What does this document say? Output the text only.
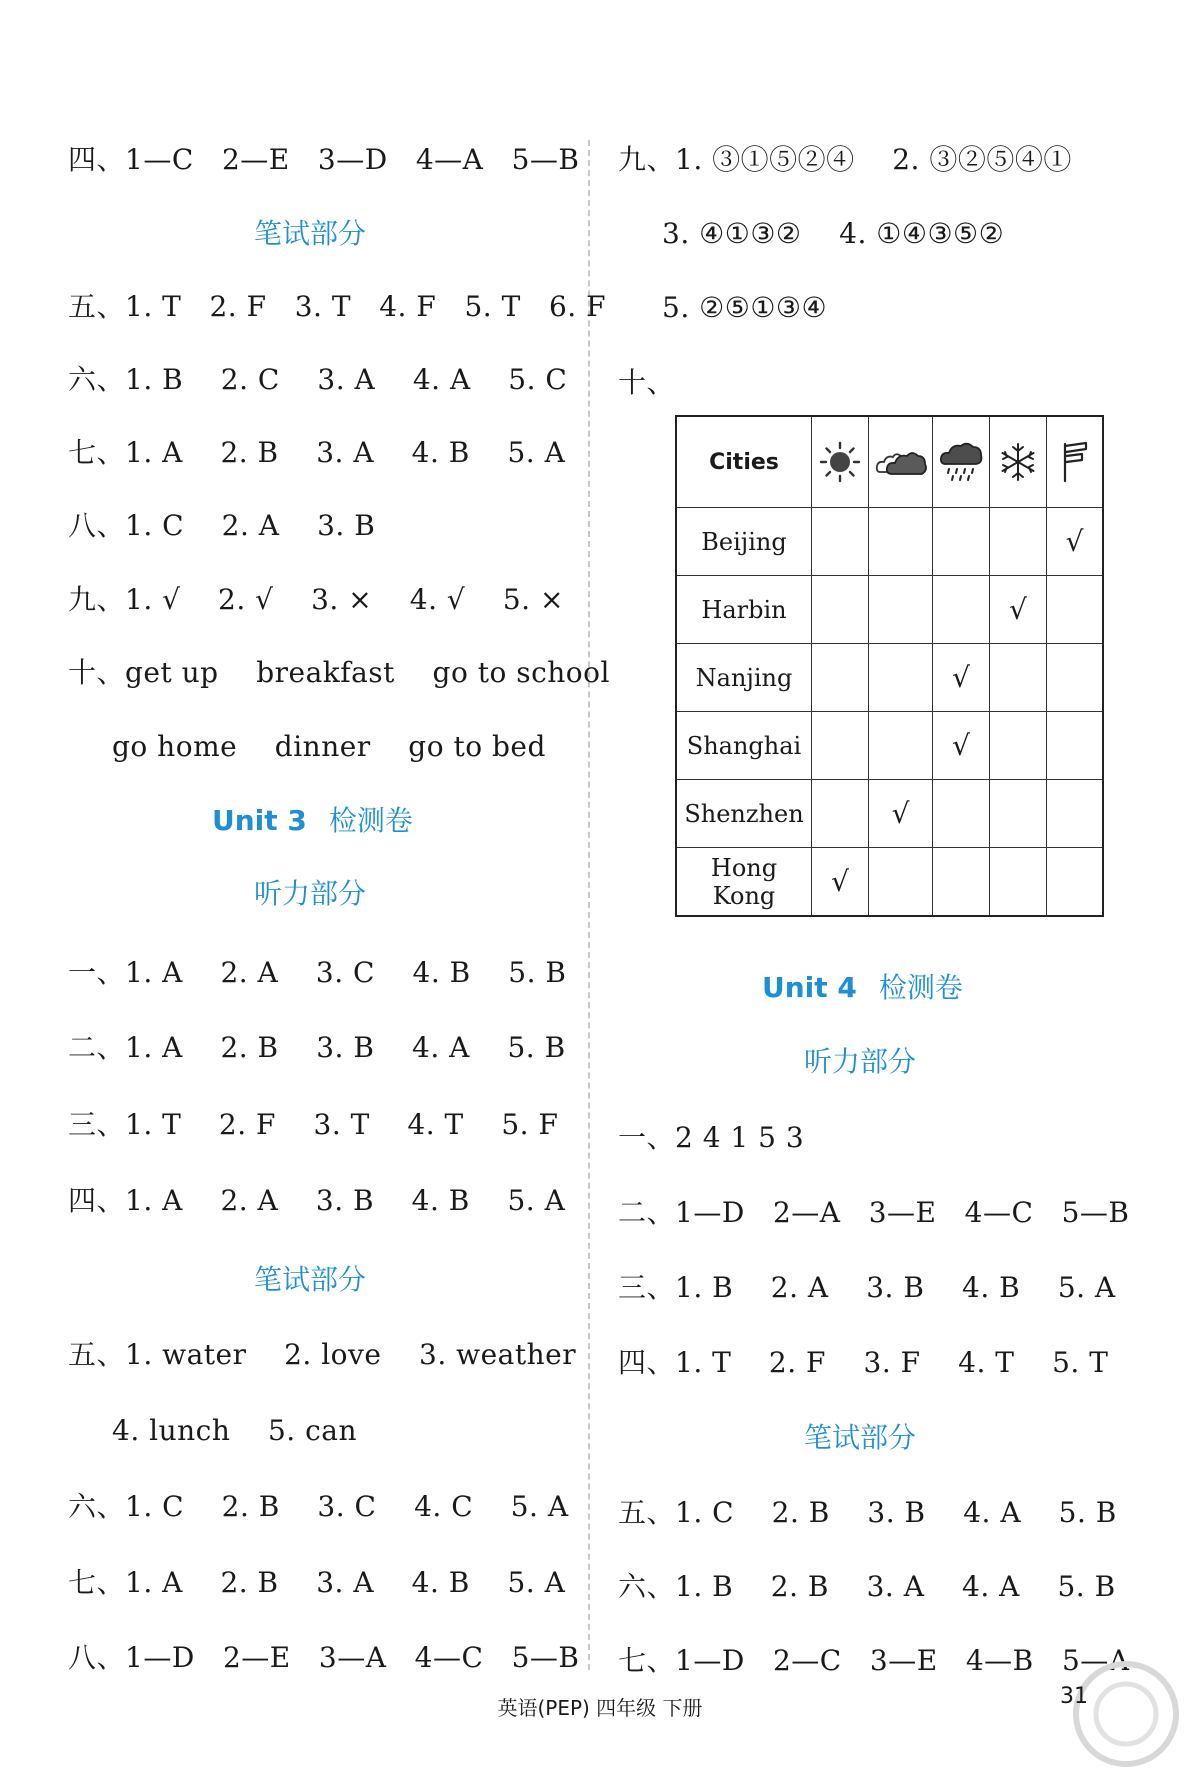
四、1—C   2—E   3—D   4—A   5—B
笔试部分
五、1. T   2. F   3. T   4. F   5. T   6. F
六、1. B    2. C    3. A    4. A    5. C
七、1. A    2. B    3. A    4. B    5. A
八、1. C    2. A    3. B
九、1. √    2. √    3. ×    4. √    5. ×
十、get up    breakfast    go to school
go home    dinner    go to bed
Unit 3 检测卷
听力部分
一、1. A    2. A    3. C    4. B    5. B
二、1. A    2. B    3. B    4. A    5. B
三、1. T    2. F    3. T    4. T    5. F
四、1. A    2. A    3. B    4. B    5. A
笔试部分
五、1. water    2. love    3. weather
4. lunch    5. can
六、1. C    2. B    3. C    4. C    5. A
七、1. A    2. B    3. A    4. B    5. A
八、1—D   2—E   3—A   4—C   5—B
九、1. ③①⑤②④    2. ③②⑤④①
3. ④①③②    4. ①④③⑤②
5. ②⑤①③④
十、
Cities					
Beijing					√
Harbin				√	
Nanjing			√		
Shanghai			√		
Shenzhen		√			
Hong Kong	√				
Unit 4 检测卷
听力部分
一、2 4 1 5 3
二、1—D   2—A   3—E   4—C   5—B
三、1. B    2. A    3. B    4. B    5. A
四、1. T    2. F    3. F    4. T    5. T
笔试部分
五、1. C    2. B    3. B    4. A    5. B
六、1. B    2. B    3. A    4. A    5. B
七、1—D   2—C   3—E   4—B   5—A
英语(PEP) 四年级 下册	31
